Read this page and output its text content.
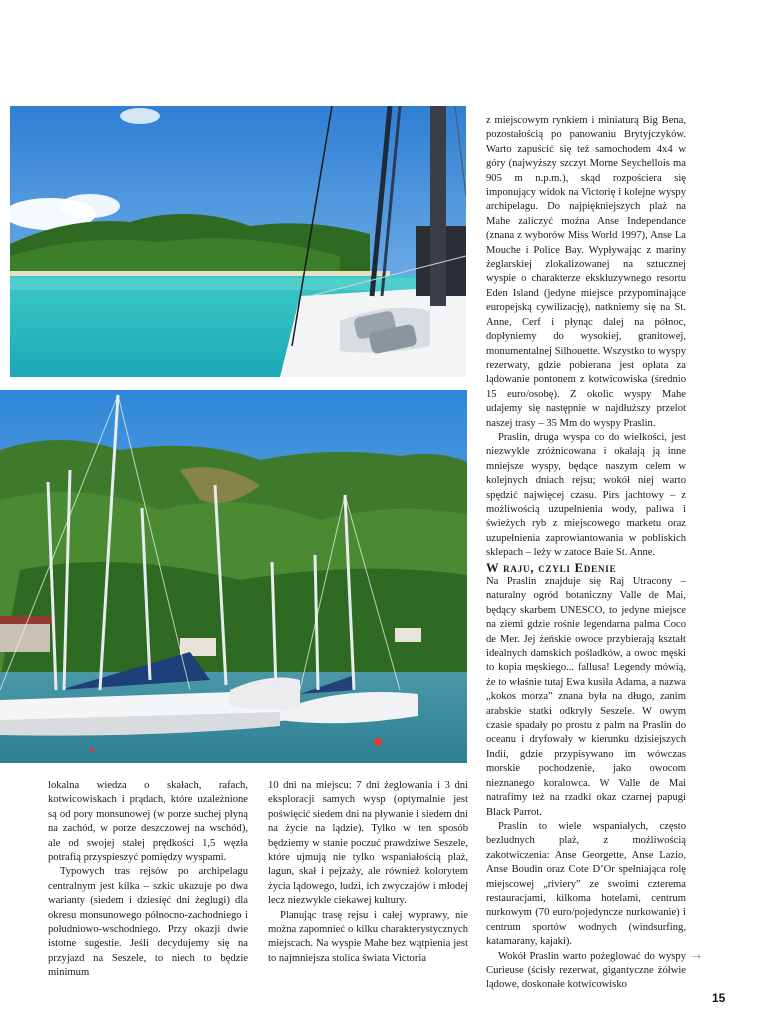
z miejscowym rynkiem i miniaturą Big Bena, pozostałością po panowaniu Brytyjczyków. Warto zapuścić się też samochodem 4x4 w góry (najwyższy szczyt Morne Seychellois ma 905 m n.p.m.), skąd rozpościera się imponujący widok na Victorię i kolejne wyspy archipelagu. Do najpiękniejszych plaż na Mahe zaliczyć można Anse Independance (znana z wyborów Miss World 1997), Anse La Mouche i Police Bay. Wypływając z mariny żeglarskiej zlokalizowanej na sztucznej wyspie o charakterze ekskluzywnego resortu Eden Island (jedyne miejsce przypominające europejską cywilizację), natkniemy się na St. Anne, Cerf i płynąc dalej na północ, dopłyniemy do wysokiej, granitowej, monumentalnej Silhouette. Wszystko to wyspy rezerwaty, gdzie pobierana jest opłata za lądowanie pontonem z kotwicowiska (średnio 15 euro/osobę). Z okolic wyspy Mahe udajemy się następnie w najdłuższy przelot naszej trasy – 35 Mm do wyspy Praslin.

Praslin, druga wyspa co do wielkości, jest niezwykle zróżnicowana i okalają ją inne mniejsze wyspy, będące naszym celem w kolejnych dniach rejsu; wokół niej warto spędzić najwięcej czasu. Pirs jachtowy – z możliwością uzupełnienia wody, paliwa i świeżych ryb z miejscowego marketu oraz uzupełnienia zaprowiantowania w pobliskich sklepach – leży w zatoce Baie St. Anne.

W raju, czyli Edenie

Na Praslin znajduje się Raj Utracony – naturalny ogród botaniczny Valle de Mai, będący skarbem UNESCO, to jedyne miejsce na ziemi gdzie rośnie legendarna palma Coco de Mer. Jej żeńskie owoce przybierają kształt idealnych damskich pośladków, a owoc męski to kopia męskiego... fallusa! Legendy mówią, że to właśnie tutaj Ewa kusiła Adama, a nazwa „kokos morza” znana była na długo, zanim arabskie statki odkryły Seszele. W owym czasie spadały po prostu z palm na Praslin do oceanu i dryfowały w kierunku dzisiejszych Indii, gdzie przypisywano im wówczas morskie pochodzenie, jako owocom nieznanego koralowca. W Valle de Mai natrafimy też na rzadki okaz czarnej papugi Black Parrot.

Praslin to wiele wspaniałych, często bezludnych plaż, z możliwością zakotwiczenia: Anse Georgette, Anse Lazio, Anse Boudin oraz Cote D’Or spełniająca rolę miejscowej „riviery” ze swoimi czterema restauracjami, kilkoma hotelami, centrum nurkowym (70 euro/pojedyncze nurkowanie) i centrum sportów wodnych (windsurfing, katamarany, kajaki).

Wokół Praslin warto pożeglować do wyspy Curieuse (ścisły rezerwat, gigantyczne żółwie lądowe, doskonałe kotwicowisko

lokalna wiedza o skałach, rafach, kotwicowiskach i prądach, które uzależnione są od pory monsunowej (w porze suchej płyną na zachód, w porze deszczowej na wschód), ale od swojej stałej prędkości 1,5 węzła potrafią przyspieszyć pomiędzy wyspami.

Typowych tras rejsów po archipelagu centralnym jest kilka – szkic ukazuje po dwa warianty (siedem i dziesięć dni żeglugi) dla okresu monsunowego północno-zachodniego i południowo-wschodniego. Przy okazji dwie istotne sugestie. Jeśli decydujemy się na przyjazd na Seszele, to niech to będzie minimum

10 dni na miejscu: 7 dni żeglowania i 3 dni eksploracji samych wysp (optymalnie jest poświęcić siedem dni na pływanie i siedem dni na życie na lądzie). Tylko w ten sposób będziemy w stanie poczuć prawdziwe Seszele, które ujmują nie tylko wspaniałością plaż, lagun, skał i pejzaży, ale również kolorytem życia lądowego, ludzi, ich zwyczajów i młodej lecz niezwykle ciekawej kultury.

Planując trasę rejsu i całej wyprawy, nie można zapomnieć o kilku charakterystycznych miejscach. Na wyspie Mahe bez wątpienia jest to najmniejsza stolica świata Victoria	→
15
